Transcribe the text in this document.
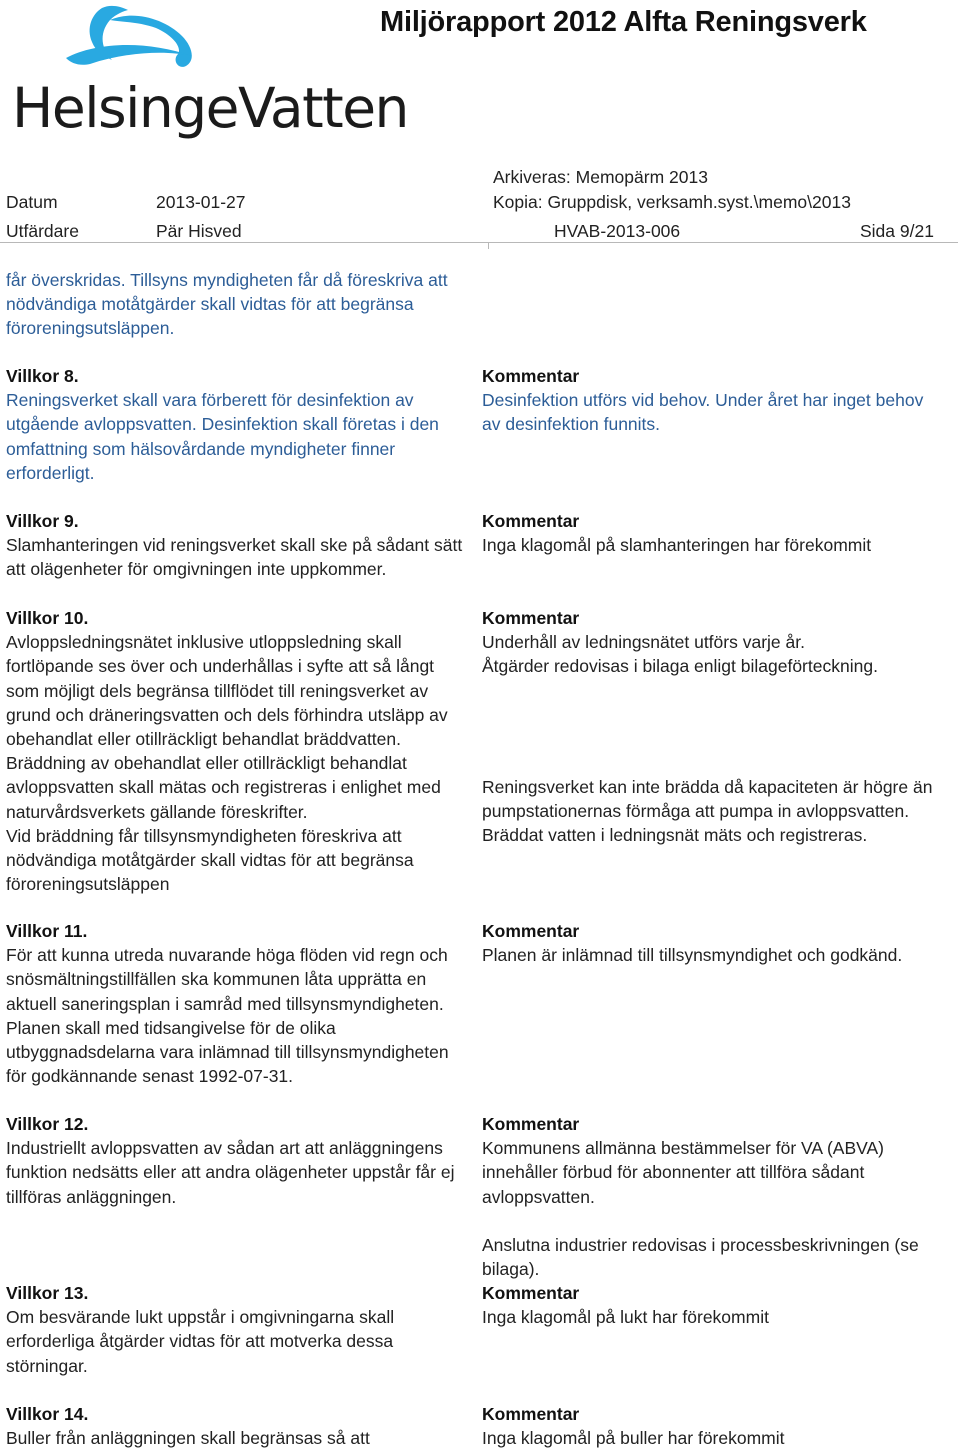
HelsingeVatten
Miljörapport 2012 Alfta Reningsverk
Arkiveras: Memopärm 2013
Datum	2013-01-27	Kopia: Gruppdisk, verksamh.syst.\memo\2013
Utfärdare	Pär Hisved	HVAB-2013-006	Sida 9/21
får överskridas. Tillsyns myndigheten får då föreskriva att
nödvändiga motåtgärder skall vidtas för att begränsa
föroreningsutsläppen.
Villkor 8.
Reningsverket skall vara förberett för desinfektion av
utgående avloppsvatten. Desinfektion skall företas i den
omfattning som hälsovårdande myndigheter finner
erforderligt.
Kommentar
Desinfektion utförs vid behov. Under året har inget behov
av desinfektion funnits.
Villkor 9.
Slamhanteringen vid reningsverket skall ske på sådant sätt
att olägenheter för omgivningen inte uppkommer.
Kommentar
Inga klagomål på slamhanteringen har förekommit
Villkor 10.
Avloppsledningsnätet inklusive utloppsledning skall
fortlöpande ses över och underhållas i syfte att så långt
som möjligt dels begränsa tillflödet till reningsverket av
grund och dräneringsvatten och dels förhindra utsläpp av
obehandlat eller otillräckligt behandlat bräddvatten.
Bräddning av obehandlat eller otillräckligt behandlat
avloppsvatten skall mätas och registreras i enlighet med
naturvårdsverkets gällande föreskrifter.
Vid bräddning får tillsynsmyndigheten föreskriva att
nödvändiga motåtgärder skall vidtas för att begränsa
föroreningsutsläppen
Kommentar
Underhåll av ledningsnätet utförs varje år.
Åtgärder redovisas i bilaga enligt bilageförteckning.
Reningsverket kan inte brädda då kapaciteten är högre än
pumpstationernas förmåga att pumpa in avloppsvatten.
Bräddat vatten i ledningsnät mäts och registreras.
Villkor 11.
För att kunna utreda nuvarande höga flöden vid regn och
snösmältningstillfällen ska kommunen låta upprätta en
aktuell saneringsplan i samråd med tillsynsmyndigheten.
Planen skall med tidsangivelse för de olika
utbyggnadsdelarna vara inlämnad till tillsynsmyndigheten
för godkännande senast 1992-07-31.
Kommentar
Planen är inlämnad till tillsynsmyndighet och godkänd.
Villkor 12.
Industriellt avloppsvatten av sådan art att anläggningens
funktion nedsätts eller att andra olägenheter uppstår får ej
tillföras anläggningen.
Kommentar
Kommunens allmänna bestämmelser för VA (ABVA)
innehåller förbud för abonnenter att tillföra sådant
avloppsvatten.
Anslutna industrier redovisas i processbeskrivningen (se
bilaga).
Villkor 13.
Om besvärande lukt uppstår i omgivningarna skall
erforderliga åtgärder vidtas för att motverka dessa
störningar.
Kommentar
Inga klagomål på lukt har förekommit
Villkor 14.
Buller från anläggningen skall begränsas så att
Kommentar
Inga klagomål på buller har förekommit
